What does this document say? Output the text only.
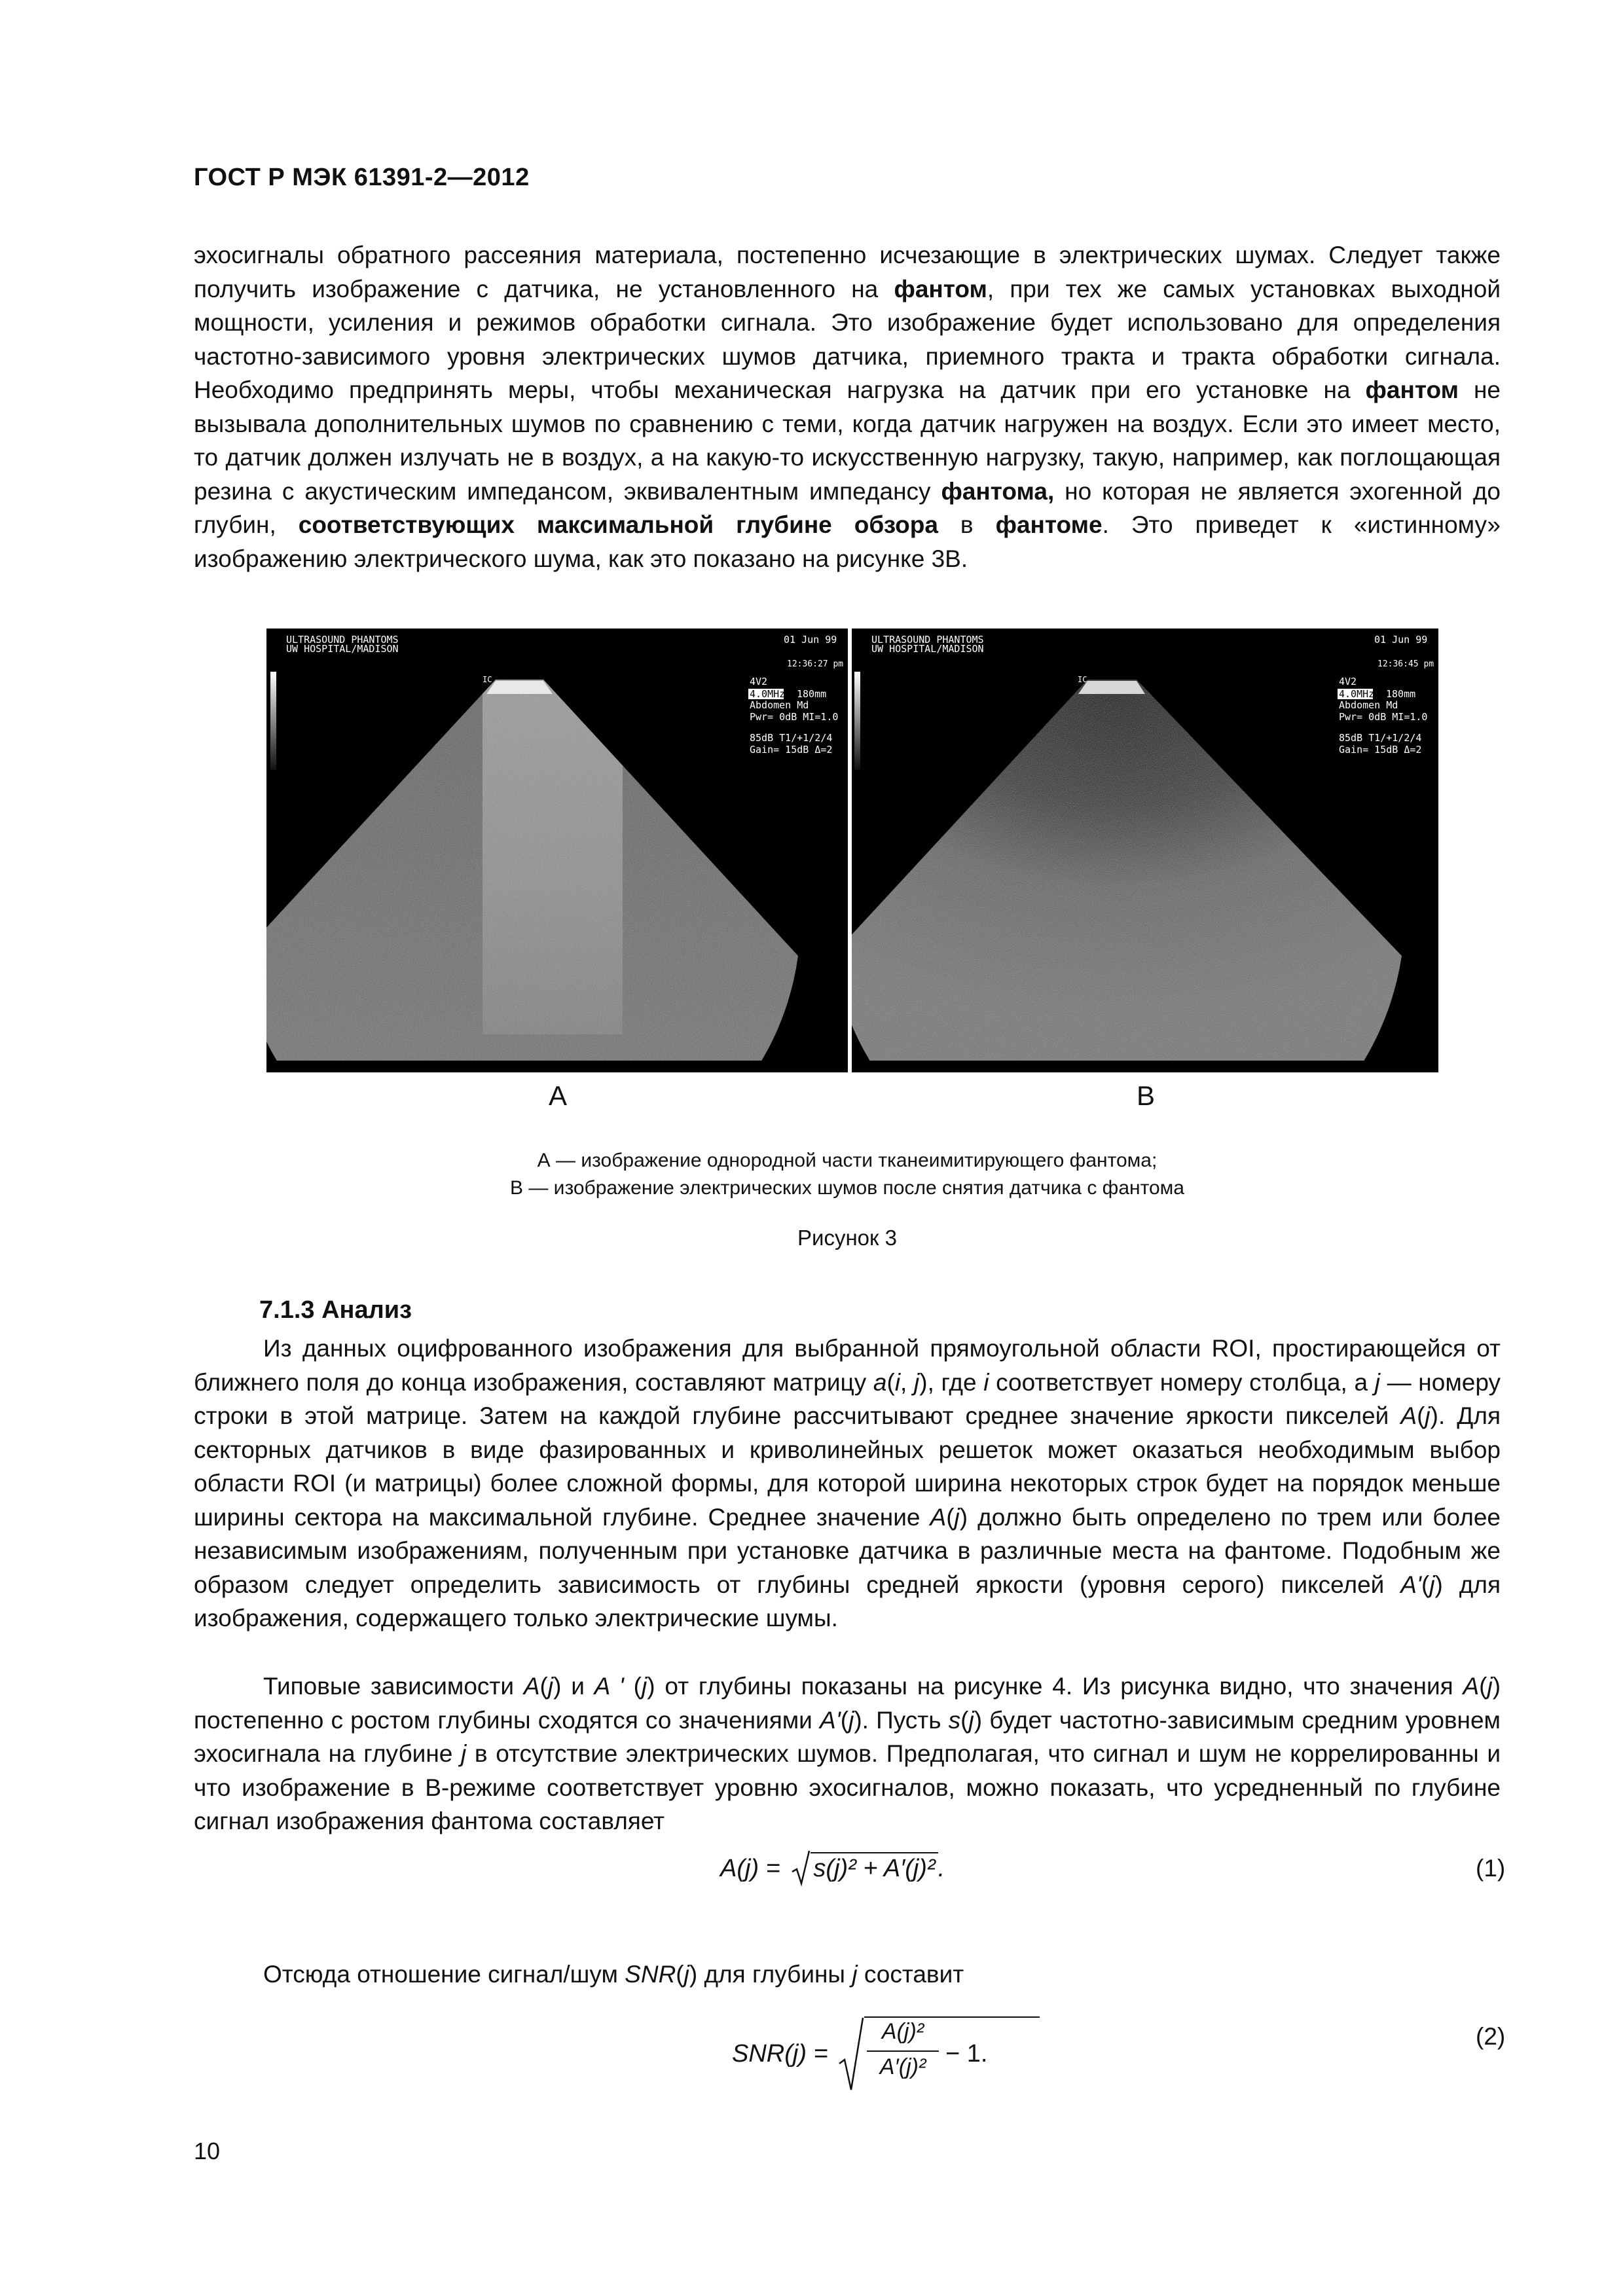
ГОСТ Р МЭК 61391-2—2012
эхосигналы обратного рассеяния материала, постепенно исчезающие в электрических шумах. Следует также получить изображение с датчика, не установленного на фантом, при тех же самых установках выходной мощности, усиления и режимов обработки сигнала. Это изображение будет использовано для определения частотно-зависимого уровня электрических шумов датчика, приемного тракта и тракта обработки сигнала. Необходимо предпринять меры, чтобы механическая нагрузка на датчик при его установке на фантом не вызывала дополнительных шумов по сравнению с теми, когда датчик нагружен на воздух. Если это имеет место, то датчик должен излучать не в воздух, а на какую-то искусственную нагрузку, такую, например, как поглощающая резина с акустическим импедансом, эквивалентным импедансу фантома, но которая не является эхогенной до глубин, соответствующих максимальной глубине обзора в фантоме. Это приведет к «истинному» изображению электрического шума, как это показано на рисунке 3В.
ULTRASOUND PHANTOMS
UW HOSPITAL/MADISON
01 Jun 99
12:36:27 pm
IC	4V2
4.0MHz 180mm
Abdomen Md
Pwr= 0dB MI=1.0
85dB T1/+1/2/4
Gain= 15dB Δ=2
ULTRASOUND PHANTOMS
UW HOSPITAL/MADISON
01 Jun 99
12:36:45 pm
IC	4V2
4.0MHz 180mm
Abdomen Md
Pwr= 0dB MI=1.0
85dB T1/+1/2/4
Gain= 15dB Δ=2
A	B
А — изображение однородной части тканеимитирующего фантома;
В — изображение электрических шумов после снятия датчика с фантома
Рисунок 3
7.1.3 Анализ
Из данных оцифрованного изображения для выбранной прямоугольной области ROI, простирающейся от ближнего поля до конца изображения, составляют матрицу a(i, j), где i соответствует номеру столбца, а j — номеру строки в этой матрице. Затем на каждой глубине рассчитывают среднее значение яркости пикселей A(j). Для секторных датчиков в виде фазированных и криволинейных решеток может оказаться необходимым выбор области ROI (и матрицы) более сложной формы, для которой ширина некоторых строк будет на порядок меньше ширины сектора на максимальной глубине. Среднее значение A(j) должно быть определено по трем или более независимым изображениям, полученным при установке датчика в различные места на фантоме. Подобным же образом следует определить зависимость от глубины средней яркости (уровня серого) пикселей A'(j) для изображения, содержащего только электрические шумы.
Типовые зависимости A(j) и A ' (j) от глубины показаны на рисунке 4. Из рисунка видно, что значения A(j) постепенно с ростом глубины сходятся со значениями A'(j). Пусть s(j) будет частотно-зависимым средним уровнем эхосигнала на глубине j в отсутствие электрических шумов. Предполагая, что сигнал и шум не коррелированны и что изображение в В-режиме соответствует уровню эхосигналов, можно показать, что усредненный по глубине сигнал изображения фантома составляет
A(j) = s(j)² + A′(j)² .	(1)
Отсюда отношение сигнал/шум SNR(j) для глубины j составит
SNR(j) =
A(j)²
A′(j)² − 1.
(2)
10
